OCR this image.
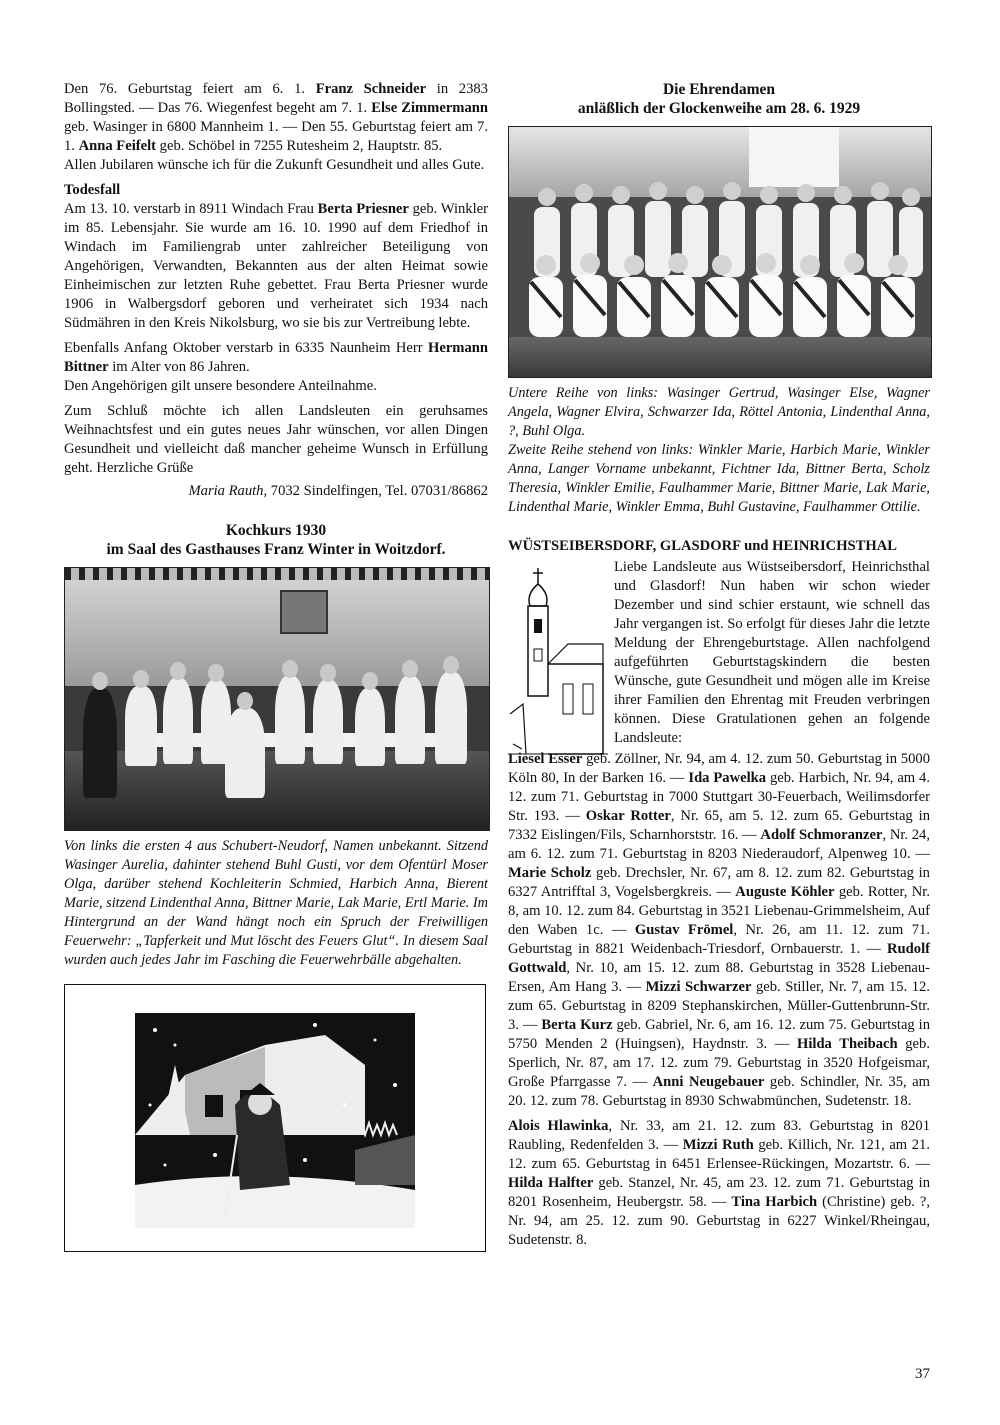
Den 76. Geburtstag feiert am 6. 1. Franz Schneider in 2383 Bollingsted. — Das 76. Wiegenfest begeht am 7. 1. Else Zimmermann geb. Wasinger in 6800 Mannheim 1. — Den 55. Geburtstag feiert am 7. 1. Anna Feifelt geb. Schöbel in 7255 Rutesheim 2, Hauptstr. 85.

Allen Jubilaren wünsche ich für die Zukunft Gesundheit und alles Gute.

Todesfall

Am 13. 10. verstarb in 8911 Windach Frau Berta Priesner geb. Winkler im 85. Lebensjahr. Sie wurde am 16. 10. 1990 auf dem Friedhof in Windach im Familiengrab unter zahlreicher Beteiligung von Angehörigen, Verwandten, Bekannten aus der alten Heimat sowie Einheimischen zur letzten Ruhe gebettet. Frau Berta Priesner wurde 1906 in Walbergsdorf geboren und verheiratet sich 1934 nach Südmähren in den Kreis Nikolsburg, wo sie bis zur Vertreibung lebte.

Ebenfalls Anfang Oktober verstarb in 6335 Naunheim Herr Hermann Bittner im Alter von 86 Jahren.

Den Angehörigen gilt unsere besondere Anteilnahme.

Zum Schluß möchte ich allen Landsleuten ein geruhsames Weihnachtsfest und ein gutes neues Jahr wünschen, vor allen Dingen Gesundheit und vielleicht daß mancher geheime Wunsch in Erfüllung geht. Herzliche Grüße

Maria Rauth, 7032 Sindelfingen, Tel. 07031/86862
Kochkurs 1930
im Saal des Gasthauses Franz Winter in Woitzdorf.
Von links die ersten 4 aus Schubert-Neudorf, Namen unbekannt. Sitzend Wasinger Aurelia, dahinter stehend Buhl Gusti, vor dem Ofentürl Moser Olga, darüber stehend Kochleiterin Schmied, Harbich Anna, Bierent Marie, sitzend Lindenthal Anna, Bittner Marie, Lak Marie, Ertl Marie. Im Hintergrund an der Wand hängt noch ein Spruch der Freiwilligen Feuerwehr: „Tapferkeit und Mut löscht des Feuers Glut“. In diesem Saal wurden auch jedes Jahr im Fasching die Feuerwehrbälle abgehalten.
Die Ehrendamen
anläßlich der Glockenweihe am 28. 6. 1929
Untere Reihe von links: Wasinger Gertrud, Wasinger Else, Wagner Angela, Wagner Elvira, Schwarzer Ida, Röttel Antonia, Lindenthal Anna, ?, Buhl Olga.
Zweite Reihe stehend von links: Winkler Marie, Harbich Marie, Winkler Anna, Langer Vorname unbekannt, Fichtner Ida, Bittner Berta, Scholz Theresia, Winkler Emilie, Faulhammer Marie, Bittner Marie, Lak Marie, Lindenthal Marie, Winkler Emma, Buhl Gustavine, Faulhammer Ottilie.
WÜSTSEIBERSDORF, GLASDORF und HEINRICHSTHAL

Liebe Landsleute aus Wüstseibersdorf, Heinrichsthal und Glasdorf! Nun haben wir schon wieder Dezember und sind schier erstaunt, wie schnell das Jahr vergangen ist. So erfolgt für dieses Jahr die letzte Meldung der Ehrengeburtstage. Allen nachfolgend aufgeführten Geburtstagskindern die besten Wünsche, gute Gesundheit und mögen alle im Kreise ihrer Familien den Ehrentag mit Freuden verbringen können. Diese Gratulationen gehen an folgende Landsleute:

Liesel Esser geb. Zöllner, Nr. 94, am 4. 12. zum 50. Geburtstag in 5000 Köln 80, In der Barken 16. — Ida Pawelka geb. Harbich, Nr. 94, am 4. 12. zum 71. Geburtstag in 7000 Stuttgart 30-Feuerbach, Weilimsdorfer Str. 193. — Oskar Rotter, Nr. 65, am 5. 12. zum 65. Geburtstag in 7332 Eislingen/Fils, Scharnhorststr. 16. — Adolf Schmoranzer, Nr. 24, am 6. 12. zum 71. Geburtstag in 8203 Niederaudorf, Alpenweg 10. — Marie Scholz geb. Drechsler, Nr. 67, am 8. 12. zum 82. Geburtstag in 6327 Antrifftal 3, Vogelsbergkreis. — Auguste Köhler geb. Rotter, Nr. 8, am 10. 12. zum 84. Geburtstag in 3521 Liebenau-Grimmelsheim, Auf den Waben 1c. — Gustav Frömel, Nr. 26, am 11. 12. zum 71. Geburtstag in 8821 Weidenbach-Triesdorf, Ornbauerstr. 1. — Rudolf Gottwald, Nr. 10, am 15. 12. zum 88. Geburtstag in 3528 Liebenau-Ersen, Am Hang 3. — Mizzi Schwarzer geb. Stiller, Nr. 7, am 15. 12. zum 65. Geburtstag in 8209 Stephanskirchen, Müller-Guttenbrunn-Str. 3. — Berta Kurz geb. Gabriel, Nr. 6, am 16. 12. zum 75. Geburtstag in 5750 Menden 2 (Huingsen), Haydnstr. 3. — Hilda Theibach geb. Sperlich, Nr. 87, am 17. 12. zum 79. Geburtstag in 3520 Hofgeismar, Große Pfarrgasse 7. — Anni Neugebauer geb. Schindler, Nr. 35, am 20. 12. zum 78. Geburtstag in 8930 Schwabmünchen, Sudetenstr. 18.

Alois Hlawinka, Nr. 33, am 21. 12. zum 83. Geburtstag in 8201 Raubling, Redenfelden 3. — Mizzi Ruth geb. Killich, Nr. 121, am 21. 12. zum 65. Geburtstag in 6451 Erlensee-Rückingen, Mozartstr. 6. — Hilda Halfter geb. Stanzel, Nr. 45, am 23. 12. zum 71. Geburtstag in 8201 Rosenheim, Heubergstr. 58. — Tina Harbich (Christine) geb. ?, Nr. 94, am 25. 12. zum 90. Geburtstag in 6227 Winkel/Rheingau, Sudetenstr. 8.

37
